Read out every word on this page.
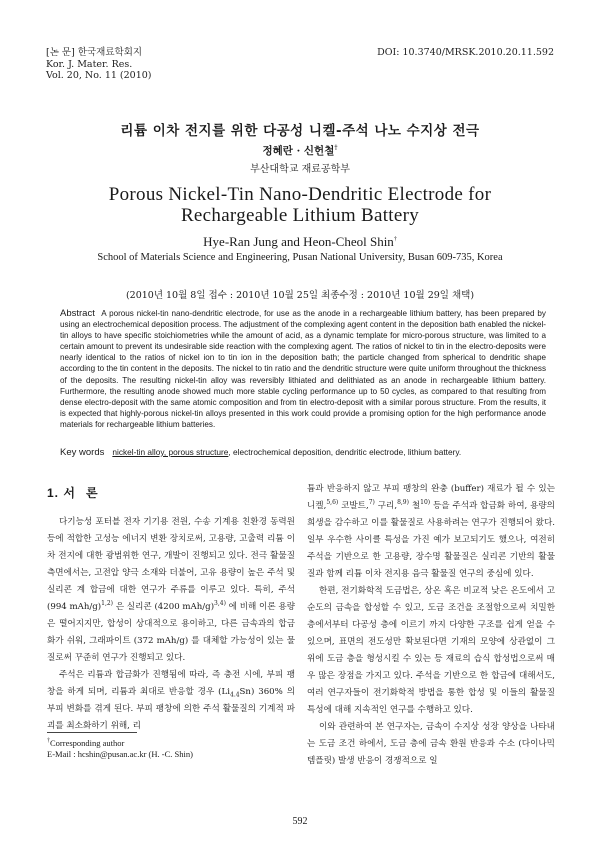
[논 문] 한국재료학회지
Kor. J. Mater. Res.
Vol. 20, No. 11 (2010)
DOI: 10.3740/MRSK.2010.20.11.592
리튬 이차 전지를 위한 다공성 니켈-주석 나노 수지상 전극
정혜란 · 신헌철†
부산대학교 재료공학부
Porous Nickel-Tin Nano-Dendritic Electrode for
Rechargeable Lithium Battery
Hye-Ran Jung and Heon-Cheol Shin†
School of Materials Science and Engineering, Pusan National University, Busan 609-735, Korea
(2010년 10월 8일 접수 : 2010년 10월 25일 최종수정 : 2010년 10월 29일 채택)

Abstract A porous nickel-tin nano-dendritic electrode, for use as the anode in a rechargeable lithium battery, has been prepared by using an electrochemical deposition process. The adjustment of the complexing agent content in the deposition bath enabled the nickel-tin alloys to have specific stoichiometries while the amount of acid, as a dynamic template for micro-porous structure, was limited to a certain amount to prevent its undesirable side reaction with the complexing agent. The ratios of nickel to tin in the electro-deposits were nearly identical to the ratios of nickel ion to tin ion in the deposition bath; the particle changed from spherical to dendritic shape according to the tin content in the deposits. The nickel to tin ratio and the dendritic structure were quite uniform throughout the thickness of the deposits. The resulting nickel-tin alloy was reversibly lithiated and delithiated as an anode in rechargeable lithium battery. Furthermore, the resulting anode showed much more stable cycling performance up to 50 cycles, as compared to that resulting from dense electro-deposit with the same atomic composition and from tin electro-deposit with a similar porous structure. From the results, it is expected that highly-porous nickel-tin alloys presented in this work could provide a promising option for the high performance anode materials for rechargeable lithium batteries.

Key words nickel-tin alloy, porous structure, electrochemical deposition, dendritic electrode, lithium battery.

1. 서 론

다기능성 포터블 전자 기기용 전원, 수송 기계용 친환경 동력원 등에 적합한 고성능 에너지 변환 장치로써, 고용량, 고출력 리튬 이차 전지에 대한 광범위한 연구, 개발이 진행되고 있다. 전극 활물질 측면에서는, 고전압 양극 소재와 더불어, 고유 용량이 높은 주석 및 실리콘 계 합금에 대한 연구가 주류를 이루고 있다. 특히, 주석 (994 mAh/g)$^{1,2)}$ 은 실리콘 (4200 mAh/g)$^{3,4)}$ 에 비해 이론 용량은 떨어지지만, 합성이 상대적으로 용이하고, 다른 금속과의 합금화가 쉬워, 그래파이트 (372 mAh/g) 를 대체할 가능성이 있는 물질로써 꾸준히 연구가 진행되고 있다.

주석은 리튬과 합금화가 진행됨에 따라, 즉 충전 시에, 부피 팽창을 하게 되며, 리튬과 최대로 반응할 경우 $(Li_{4.4}Sn)$ 360% 의 부피 변화를 겪게 된다. 부피 팽창에 의한 주석 활물질의 기계적 파괴를 최소화하기 위해, 리

튬과 반응하지 않고 부피 팽창의 완충 (buffer) 재료가 될 수 있는 니켈,$^{5,6)}$ 코발트,$^{7)}$ 구리,$^{8,9)}$ 철$^{10)}$ 등을 주석과 합금화 하여, 용량의 희생을 감수하고 이를 활물질로 사용하려는 연구가 진행되어 왔다. 일부 우수한 사이클 특성을 가진 예가 보고되기도 했으나, 여전히 주석을 기반으로 한 고용량, 장수명 활물질은 실리콘 기반의 활물질과 함께 리튬 이차 전지용 음극 활물질 연구의 중심에 있다.

한편, 전기화학적 도금법은, 상온 혹은 비교적 낮은 온도에서 고순도의 금속을 합성할 수 있고, 도금 조건을 조절함으로써 치밀한 층에서부터 다공성 층에 이르기 까지 다양한 구조를 쉽게 얻을 수 있으며, 표면의 전도성만 확보된다면 기재의 모양에 상관없이 그 위에 도금 층을 형성시킬 수 있는 등 재료의 습식 합성법으로써 매우 많은 장점을 가지고 있다. 주석을 기반으로 한 합금에 대해서도, 여러 연구자들이 전기화학적 방법을 통한 합성 및 이들의 활물질 특성에 대해 지속적인 연구를 수행하고 있다.

이와 관련하여 본 연구자는, 금속이 수지상 성장 양상을 나타내는 도금 조건 하에서, 도금 층에 금속 환원 반응과 수소 (다이나믹 템플릿) 발생 반응이 경쟁적으로 일

†Corresponding author
E-Mail : hcshin@pusan.ac.kr (H. -C. Shin)
592
